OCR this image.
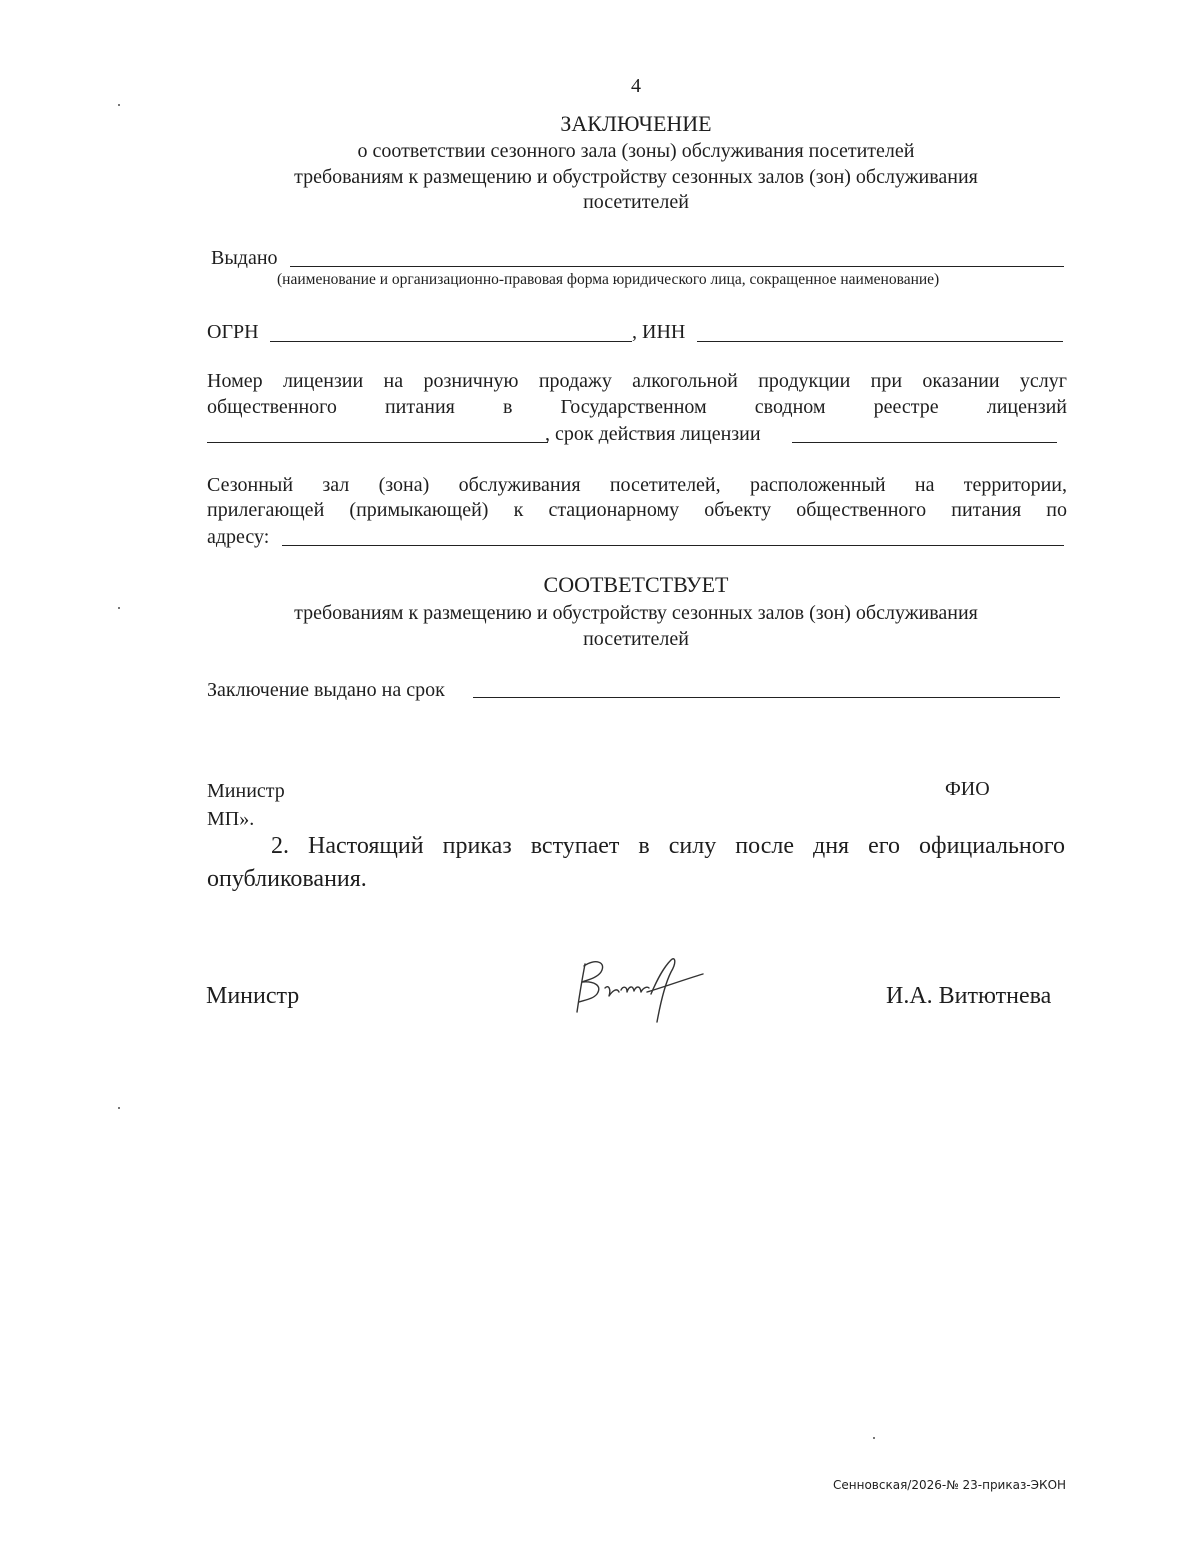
4
ЗАКЛЮЧЕНИЕ
о соответствии сезонного зала (зоны) обслуживания посетителей
требованиям к размещению и обустройству сезонных залов (зон) обслуживания
посетителей
Выдано
(наименование и организационно-правовая форма юридического лица, сокращенное наименование)
ОГРН	, ИНН
Номер лицензии на розничную продажу алкогольной продукции при оказании услуг
общественного питания в Государственном сводном реестре лицензий
, срок действия лицензии
Сезонный зал (зона) обслуживания посетителей, расположенный на территории,
прилегающей (примыкающей) к стационарному объекту общественного питания по
адресу:
СООТВЕТСТВУЕТ
требованиям к размещению и обустройству сезонных залов (зон) обслуживания
посетителей
Заключение выдано на срок
Министр	ФИО
МП».
2. Настоящий приказ вступает в силу после дня его официального
опубликования.
Министр	И.А. Витютнева
Сенновская/2026-№ 23-приказ-ЭКОН
